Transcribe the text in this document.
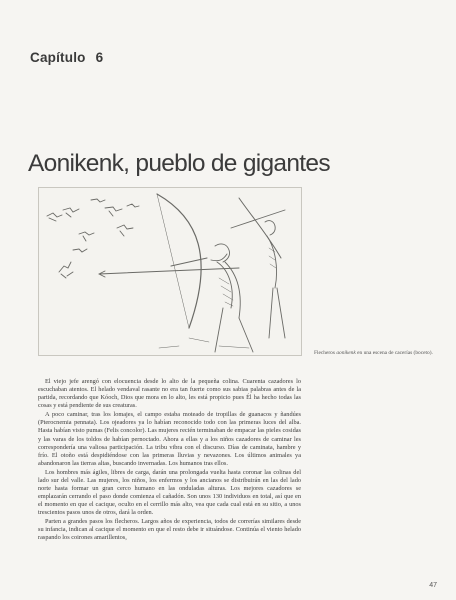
Capítulo 6
Aonikenk, pueblo de gigantes
Flecheros aonikenk en una escena de cacerías (boceto).

El viejo jefe arengó con elocuencia desde lo alto de la pequeña colina. Cuarenta cazadores lo escuchaban atentos. El helado vendaval rasante no era tan fuerte como sus sabias palabras antes de la partida, recordando que Kóoch, Dios que mora en lo alto, les está propicio pues Él ha hecho todas las cosas y está pendiente de sus creaturas.

A poco caminar, tras los lomajes, el campo estaba moteado de tropillas de guanacos y ñandúes (Pterocnemia pennata). Los ojeadores ya lo habían reconocido todo con las primeras luces del alba. Hasta habían visto pumas (Felis concolor). Las mujeres recién terminaban de empacar las pieles cosidas y las varas de los toldos de habían pernoctado. Ahora a ellas y a los niños cazadores de caminar les correspondería una valiosa participación. La tribu vibra con el discurso. Días de caminata, hambre y frío. El otoño está despidiéndose con las primeras lluvias y nevazones. Los últimos animales ya abandonaron las tierras altas, buscando invernadas. Los humanos tras ellos.

Los hombres más ágiles, libres de carga, darán una prolongada vuelta hasta coronar las colinas del lado sur del valle. Las mujeres, los niños, los enfermos y los ancianos se distribuirán en las del lado norte hasta formar un gran cerco humano en las onduladas alturas. Los mejores cazadores se emplazarán cerrando el paso donde comienza el cañadón. Son unos 130 individuos en total, así que en el momento en que el cacique, oculto en el cerrillo más alto, vea que cada cual está en su sitio, a unos trescientos pasos unos de otros, dará la orden.

Parten a grandes pasos los flecheros. Largos años de experiencia, todos de correrías similares desde su infancia, indican al cacique el momento en que el resto debe ir situándose. Continúa el viento helado raspando los coirones amarillentos,

47
